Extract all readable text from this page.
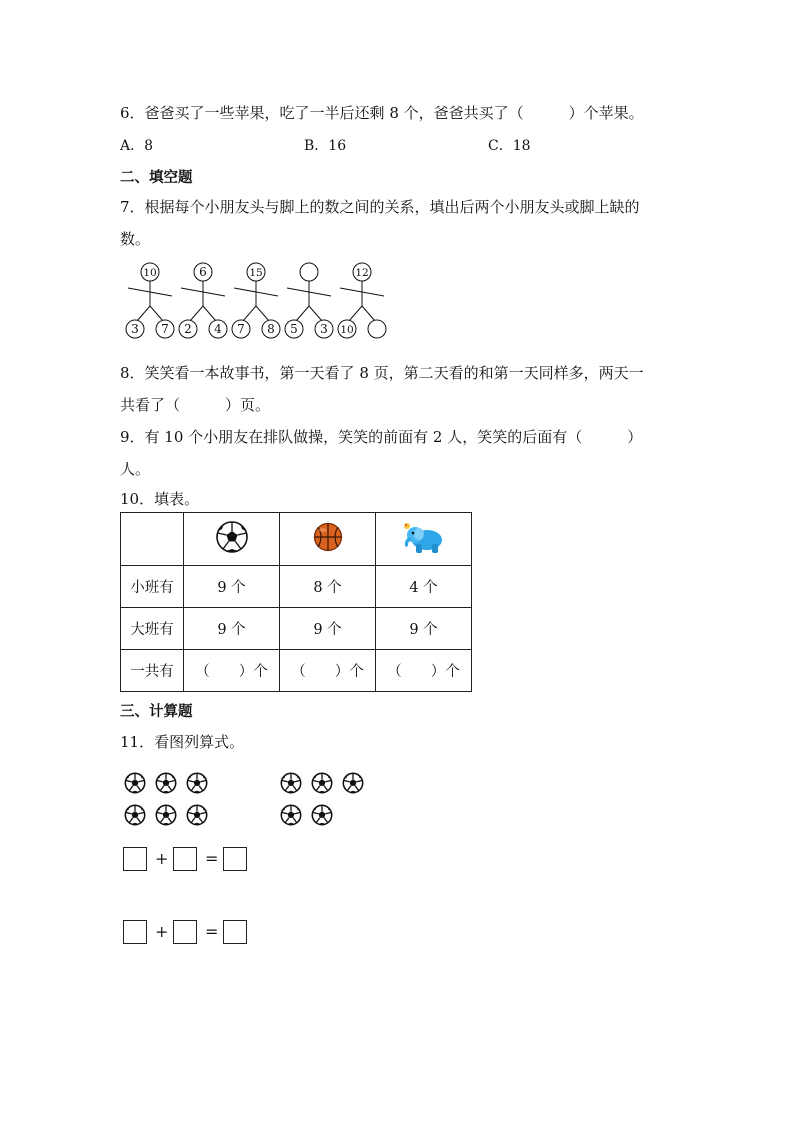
6．爸爸买了一些苹果，吃了一半后还剩 8 个，爸爸共买了（　　　）个苹果。
A．8	B．16	C．18
二、填空题
7．根据每个小朋友头与脚上的数之间的关系，填出后两个小朋友头或脚上缺的
数。
10
3 7
6
2 4
15
7 8 5 3
12
10
8．笑笑看一本故事书，第一天看了 8 页，第二天看的和第一天同样多，两天一
共看了（　　　）页。
9．有 10 个小朋友在排队做操，笑笑的前面有 2 人，笑笑的后面有（　　　）
人。
10．填表。

小班有	9 个	8 个	4 个
大班有	9 个	9 个	9 个
一共有	（　　）个	（　　）个	（　　）个
三、计算题
11．看图列算式。
+ =
+ =
